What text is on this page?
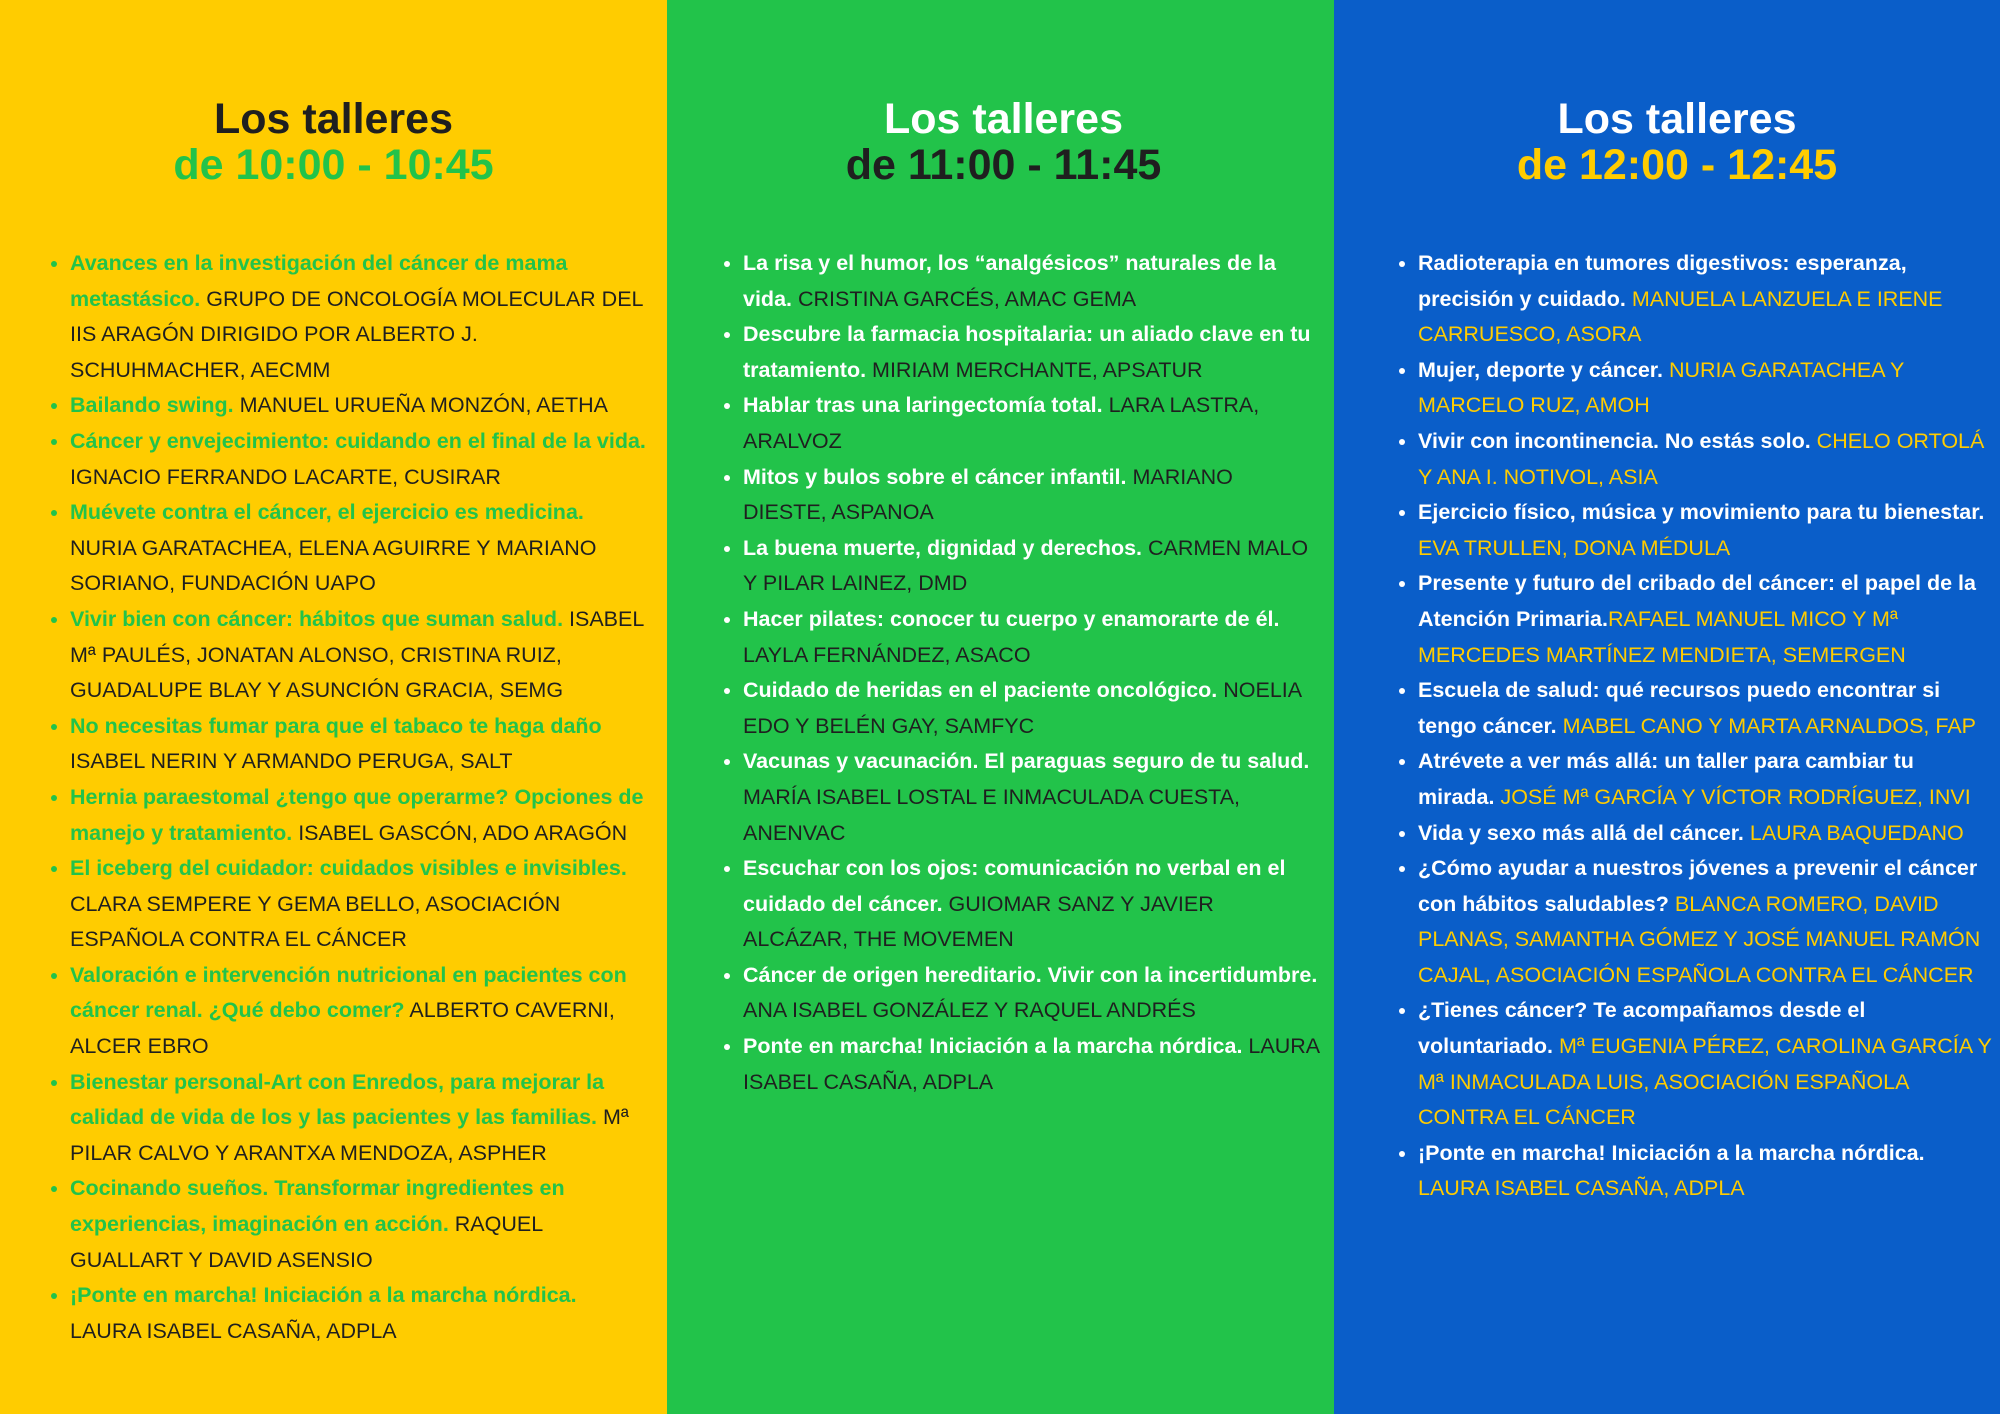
Los talleres
de 10:00 - 10:45
• Avances en la investigación del cáncer de mama metastásico. GRUPO DE ONCOLOGÍA MOLECULAR DEL IIS ARAGÓN DIRIGIDO POR ALBERTO J. SCHUHMACHER, AECMM
• Bailando swing. MANUEL URUEÑA MONZÓN, AETHA
• Cáncer y envejecimiento: cuidando en el final de la vida. IGNACIO FERRANDO LACARTE, CUSIRAR
• Muévete contra el cáncer, el ejercicio es medicina. NURIA GARATACHEA, ELENA AGUIRRE Y MARIANO SORIANO, FUNDACIÓN UAPO
• Vivir bien con cáncer: hábitos que suman salud. ISABEL Mª PAULÉS, JONATAN ALONSO, CRISTINA RUIZ, GUADALUPE BLAY Y ASUNCIÓN GRACIA, SEMG
• No necesitas fumar para que el tabaco te haga daño ISABEL NERIN Y ARMANDO PERUGA, SALT
• Hernia paraestomal ¿tengo que operarme? Opciones de manejo y tratamiento. ISABEL GASCÓN, ADO ARAGÓN
• El iceberg del cuidador: cuidados visibles e invisibles. CLARA SEMPERE Y GEMA BELLO, ASOCIACIÓN ESPAÑOLA CONTRA EL CÁNCER
• Valoración e intervención nutricional en pacientes con cáncer renal. ¿Qué debo comer? ALBERTO CAVERNI, ALCER EBRO
• Bienestar personal-Art con Enredos, para mejorar la calidad de vida de los y las pacientes y las familias. Mª PILAR CALVO Y ARANTXA MENDOZA, ASPHER
• Cocinando sueños. Transformar ingredientes en experiencias, imaginación en acción. RAQUEL GUALLART Y DAVID ASENSIO
• ¡Ponte en marcha! Iniciación a la marcha nórdica. LAURA ISABEL CASAÑA, ADPLA
Los talleres
de 11:00 - 11:45
• La risa y el humor, los “analgésicos” naturales de la vida. CRISTINA GARCÉS, AMAC GEMA
• Descubre la farmacia hospitalaria: un aliado clave en tu tratamiento. MIRIAM MERCHANTE, APSATUR
• Hablar tras una laringectomía total. LARA LASTRA, ARALVOZ
• Mitos y bulos sobre el cáncer infantil. MARIANO DIESTE, ASPANOA
• La buena muerte, dignidad y derechos. CARMEN MALO Y PILAR LAINEZ, DMD
• Hacer pilates: conocer tu cuerpo y enamorarte de él. LAYLA FERNÁNDEZ, ASACO
• Cuidado de heridas en el paciente oncológico. NOELIA EDO Y BELÉN GAY, SAMFYC
• Vacunas y vacunación. El paraguas seguro de tu salud. MARÍA ISABEL LOSTAL E INMACULADA CUESTA, ANENVAC
• Escuchar con los ojos: comunicación no verbal en el cuidado del cáncer. GUIOMAR SANZ Y JAVIER ALCÁZAR, THE MOVEMEN
• Cáncer de origen hereditario. Vivir con la incertidumbre. ANA ISABEL GONZÁLEZ Y RAQUEL ANDRÉS
• Ponte en marcha! Iniciación a la marcha nórdica. LAURA ISABEL CASAÑA, ADPLA
Los talleres
de 12:00 - 12:45
• Radioterapia en tumores digestivos: esperanza, precisión y cuidado. MANUELA LANZUELA E IRENE CARRUESCO, ASORA
• Mujer, deporte y cáncer. NURIA GARATACHEA Y MARCELO RUZ, AMOH
• Vivir con incontinencia. No estás solo. CHELO ORTOLÁ Y ANA I. NOTIVOL, ASIA
• Ejercicio físico, música y movimiento para tu bienestar. EVA TRULLEN, DONA MÉDULA
• Presente y futuro del cribado del cáncer: el papel de la Atención Primaria.RAFAEL MANUEL MICO Y Mª MERCEDES MARTÍNEZ MENDIETA, SEMERGEN
• Escuela de salud: qué recursos puedo encontrar si tengo cáncer. MABEL CANO Y MARTA ARNALDOS, FAP
• Atrévete a ver más allá: un taller para cambiar tu mirada. JOSÉ Mª GARCÍA Y VÍCTOR RODRÍGUEZ, INVI
• Vida y sexo más allá del cáncer. LAURA BAQUEDANO
• ¿Cómo ayudar a nuestros jóvenes a prevenir el cáncer con hábitos saludables? BLANCA ROMERO, DAVID PLANAS, SAMANTHA GÓMEZ Y JOSÉ MANUEL RAMÓN CAJAL, ASOCIACIÓN ESPAÑOLA CONTRA EL CÁNCER
• ¿Tienes cáncer? Te acompañamos desde el voluntariado. Mª EUGENIA PÉREZ, CAROLINA GARCÍA Y Mª INMACULADA LUIS, ASOCIACIÓN ESPAÑOLA CONTRA EL CÁNCER
• ¡Ponte en marcha! Iniciación a la marcha nórdica. LAURA ISABEL CASAÑA, ADPLA
